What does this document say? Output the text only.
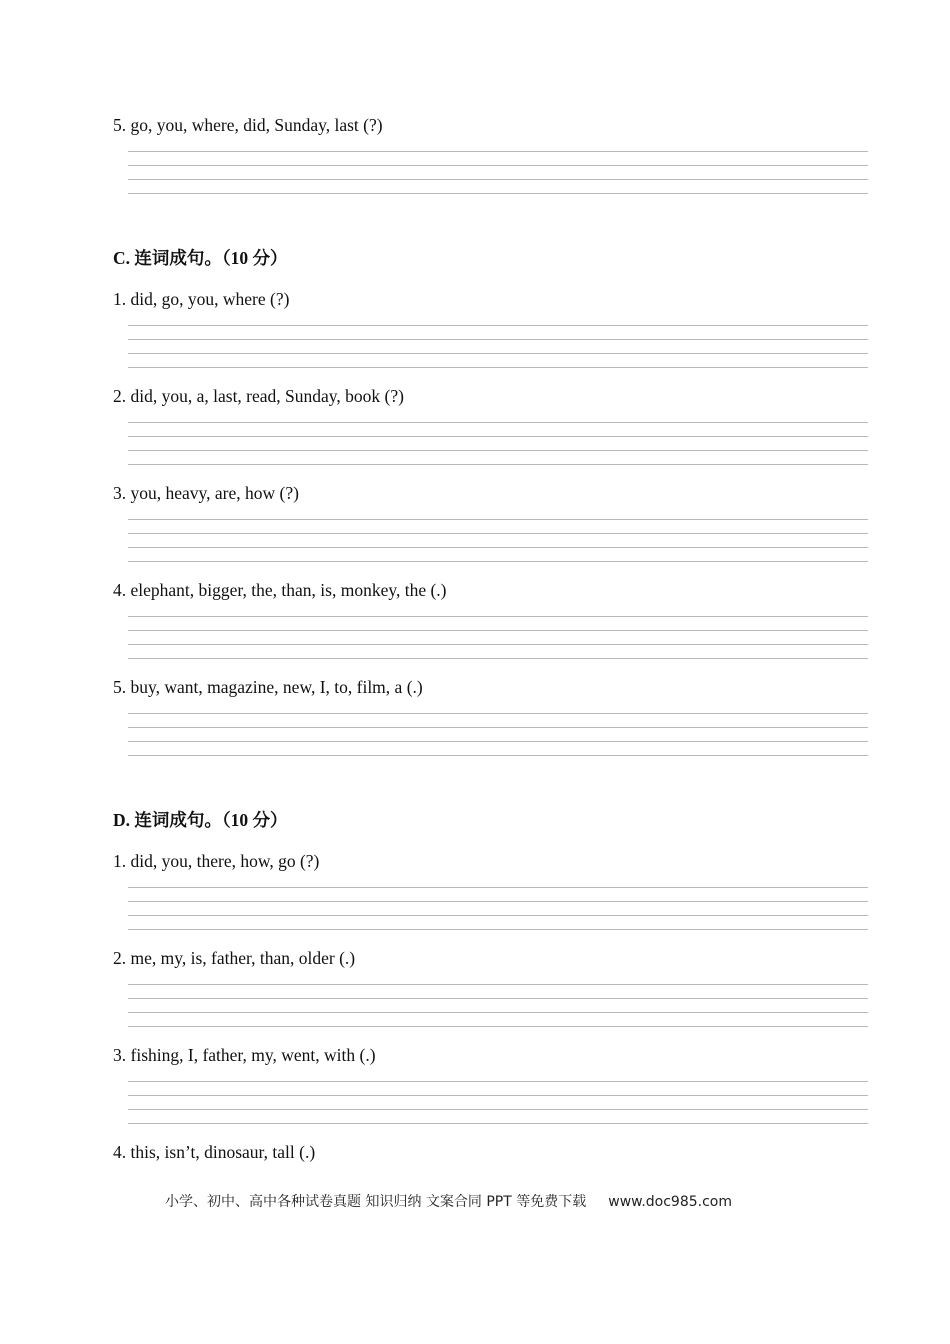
5. go, you, where, did, Sunday, last (?)
C. 连词成句。（10 分）
1. did, go, you, where (?)
2. did, you, a, last, read, Sunday, book (?)
3. you, heavy, are, how (?)
4. elephant, bigger, the, than, is, monkey, the (.)
5. buy, want, magazine, new, I, to, film, a (.)
D. 连词成句。（10 分）
1. did, you, there, how, go (?)
2. me, my, is, father, than, older (.)
3. fishing, I, father, my, went, with (.)
4. this, isn’t, dinosaur, tall (.)
小学、初中、高中各种试卷真题 知识归纳 文案合同 PPT 等免费下载 www.doc985.com
